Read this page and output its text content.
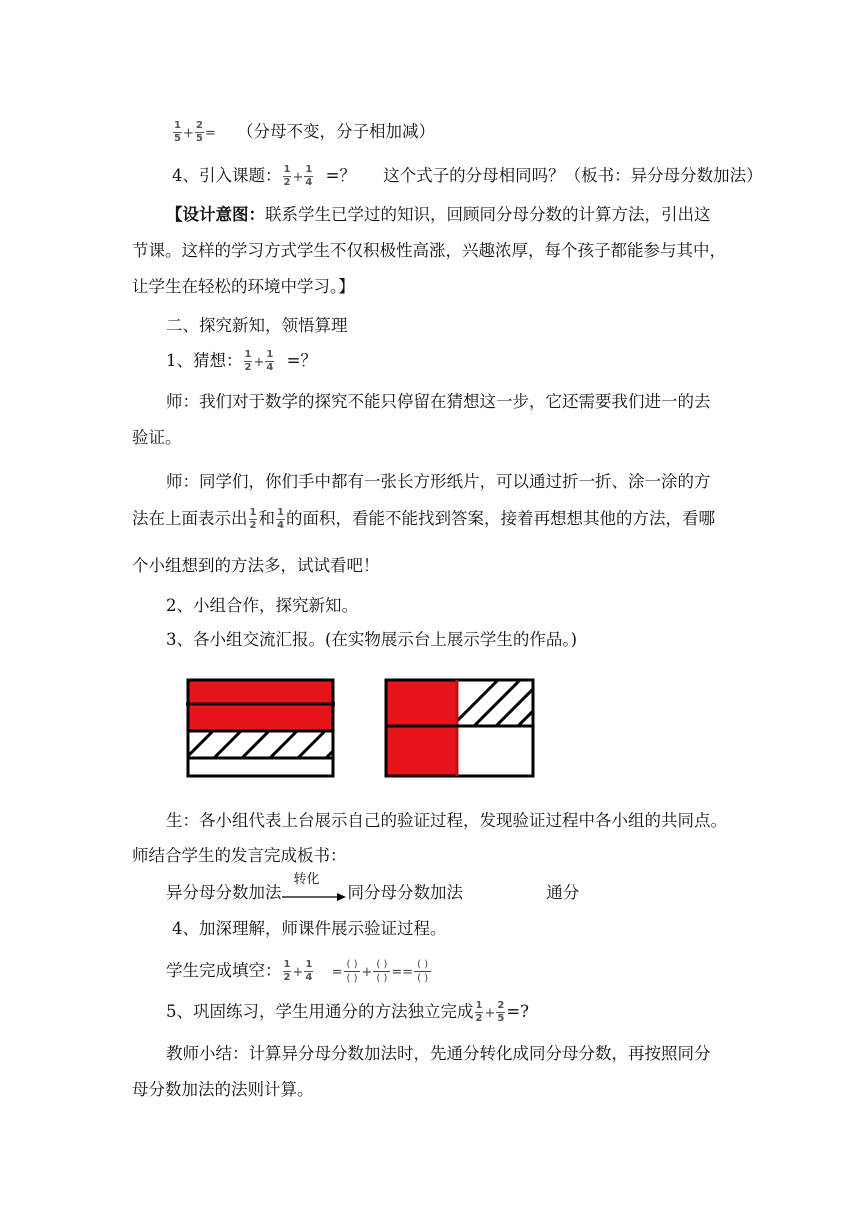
$\frac{1}{5} + \frac{2}{5}$ = （分母不变，分子相加减）
4、引入课题： $\frac{1}{2} + \frac{1}{4}$ =？ 这个式子的分母相同吗？（板书：异分母分数加法）
【设计意图：联系学生已学过的知识，回顾同分母分数的计算方法，引出这
节课。这样的学习方式学生不仅积极性高涨，兴趣浓厚，每个孩子都能参与其中，
让学生在轻松的环境中学习。】
二、探究新知，领悟算理
1、猜想： $\frac{1}{2} + \frac{1}{4}$ =？
师：我们对于数学的探究不能只停留在猜想这一步，它还需要我们进一的去
验证。
师：同学们，你们手中都有一张长方形纸片，可以通过折一折、涂一涂的方
法在上面表示出 $\frac{1}{2}$ 和 $\frac{1}{4}$ 的面积，看能不能找到答案，接着再想想其他的方法，看哪
个小组想到的方法多，试试看吧！
2、小组合作，探究新知。
3、各小组交流汇报。(在实物展示台上展示学生的作品。)
生：各小组代表上台展示自己的验证过程，发现验证过程中各小组的共同点。
师结合学生的发言完成板书：
异分母分数加法
转化
同分母分数加法	通分
4、加深理解，师课件展示验证过程。
学生完成填空： $\frac{1}{2} + \frac{1}{4} = \frac{( )}{( )} + \frac{( )}{( )} == \frac{( )}{( )}$
5、巩固练习，学生用通分的方法独立完成 $\frac{1}{2} + \frac{2}{5}$ =?
教师小结：计算异分母分数加法时，先通分转化成同分母分数，再按照同分
母分数加法的法则计算。
